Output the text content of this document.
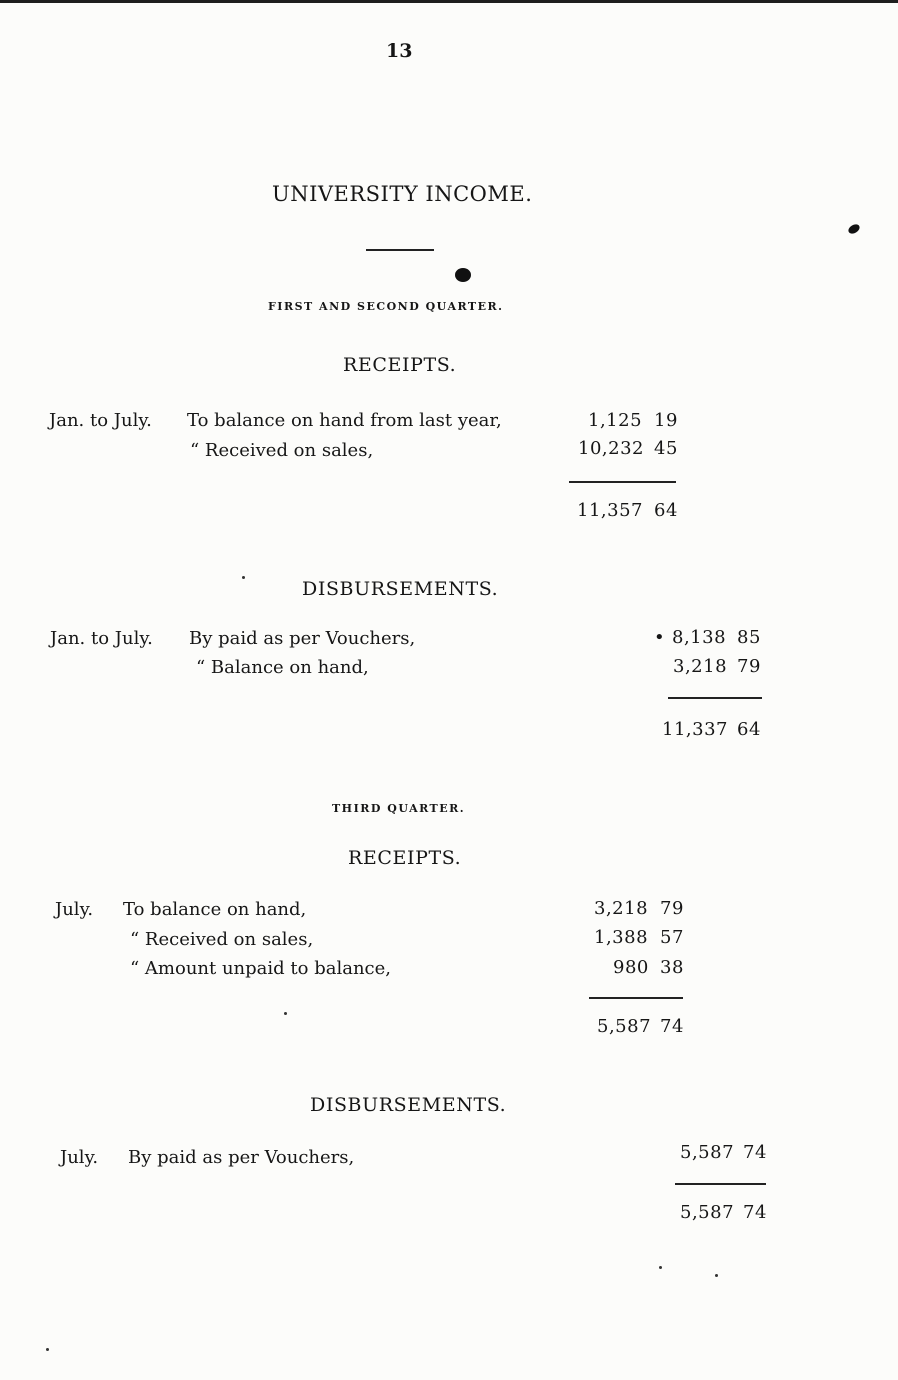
13
UNIVERSITY INCOME.
FIRST AND SECOND QUARTER.
RECEIPTS.
Jan. to July. To balance on hand from last year,	1,125 19
“ Received on sales,	10,232 45
11,357 64
DISBURSEMENTS.
Jan. to July. By paid as per Vouchers,	• 8,138 85
“ Balance on hand,	3,218 79
11,337 64
THIRD QUARTER.
RECEIPTS.
July. To balance on hand,	3,218 79
“ Received on sales,	1,388 57
“ Amount unpaid to balance,	980 38
5,587 74
DISBURSEMENTS.
July. By paid as per Vouchers,	5,587 74
5,587 74
